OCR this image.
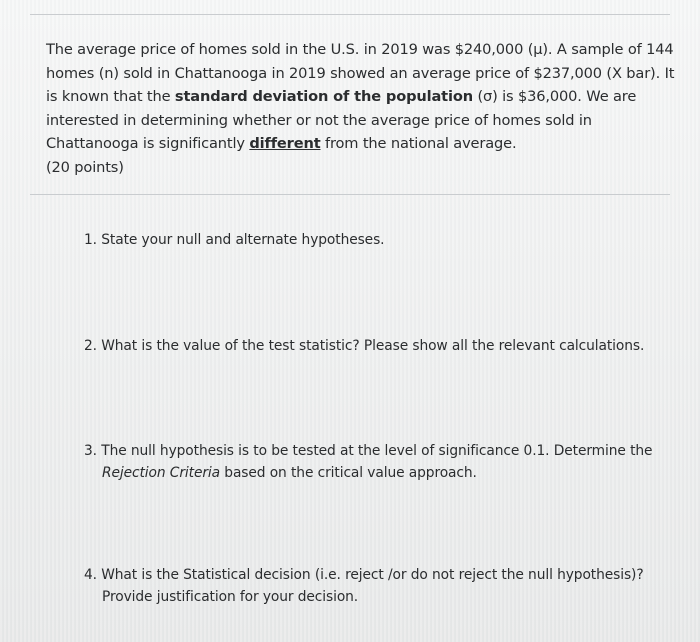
The average price of homes sold in the U.S. in 2019 was $240,000 (μ). A sample of 144
homes (n) sold in Chattanooga in 2019 showed an average price of $237,000 (X bar). It
is known that the standard deviation of the population (σ) is $36,000. We are
interested in determining whether or not the average price of homes sold in
Chattanooga is significantly different from the national average.
(20 points)
1. State your null and alternate hypotheses.
2. What is the value of the test statistic? Please show all the relevant calculations.
3. The null hypothesis is to be tested at the level of significance 0.1. Determine the
Rejection Criteria based on the critical value approach.
4. What is the Statistical decision (i.e. reject /or do not reject the null hypothesis)?
Provide justification for your decision.
